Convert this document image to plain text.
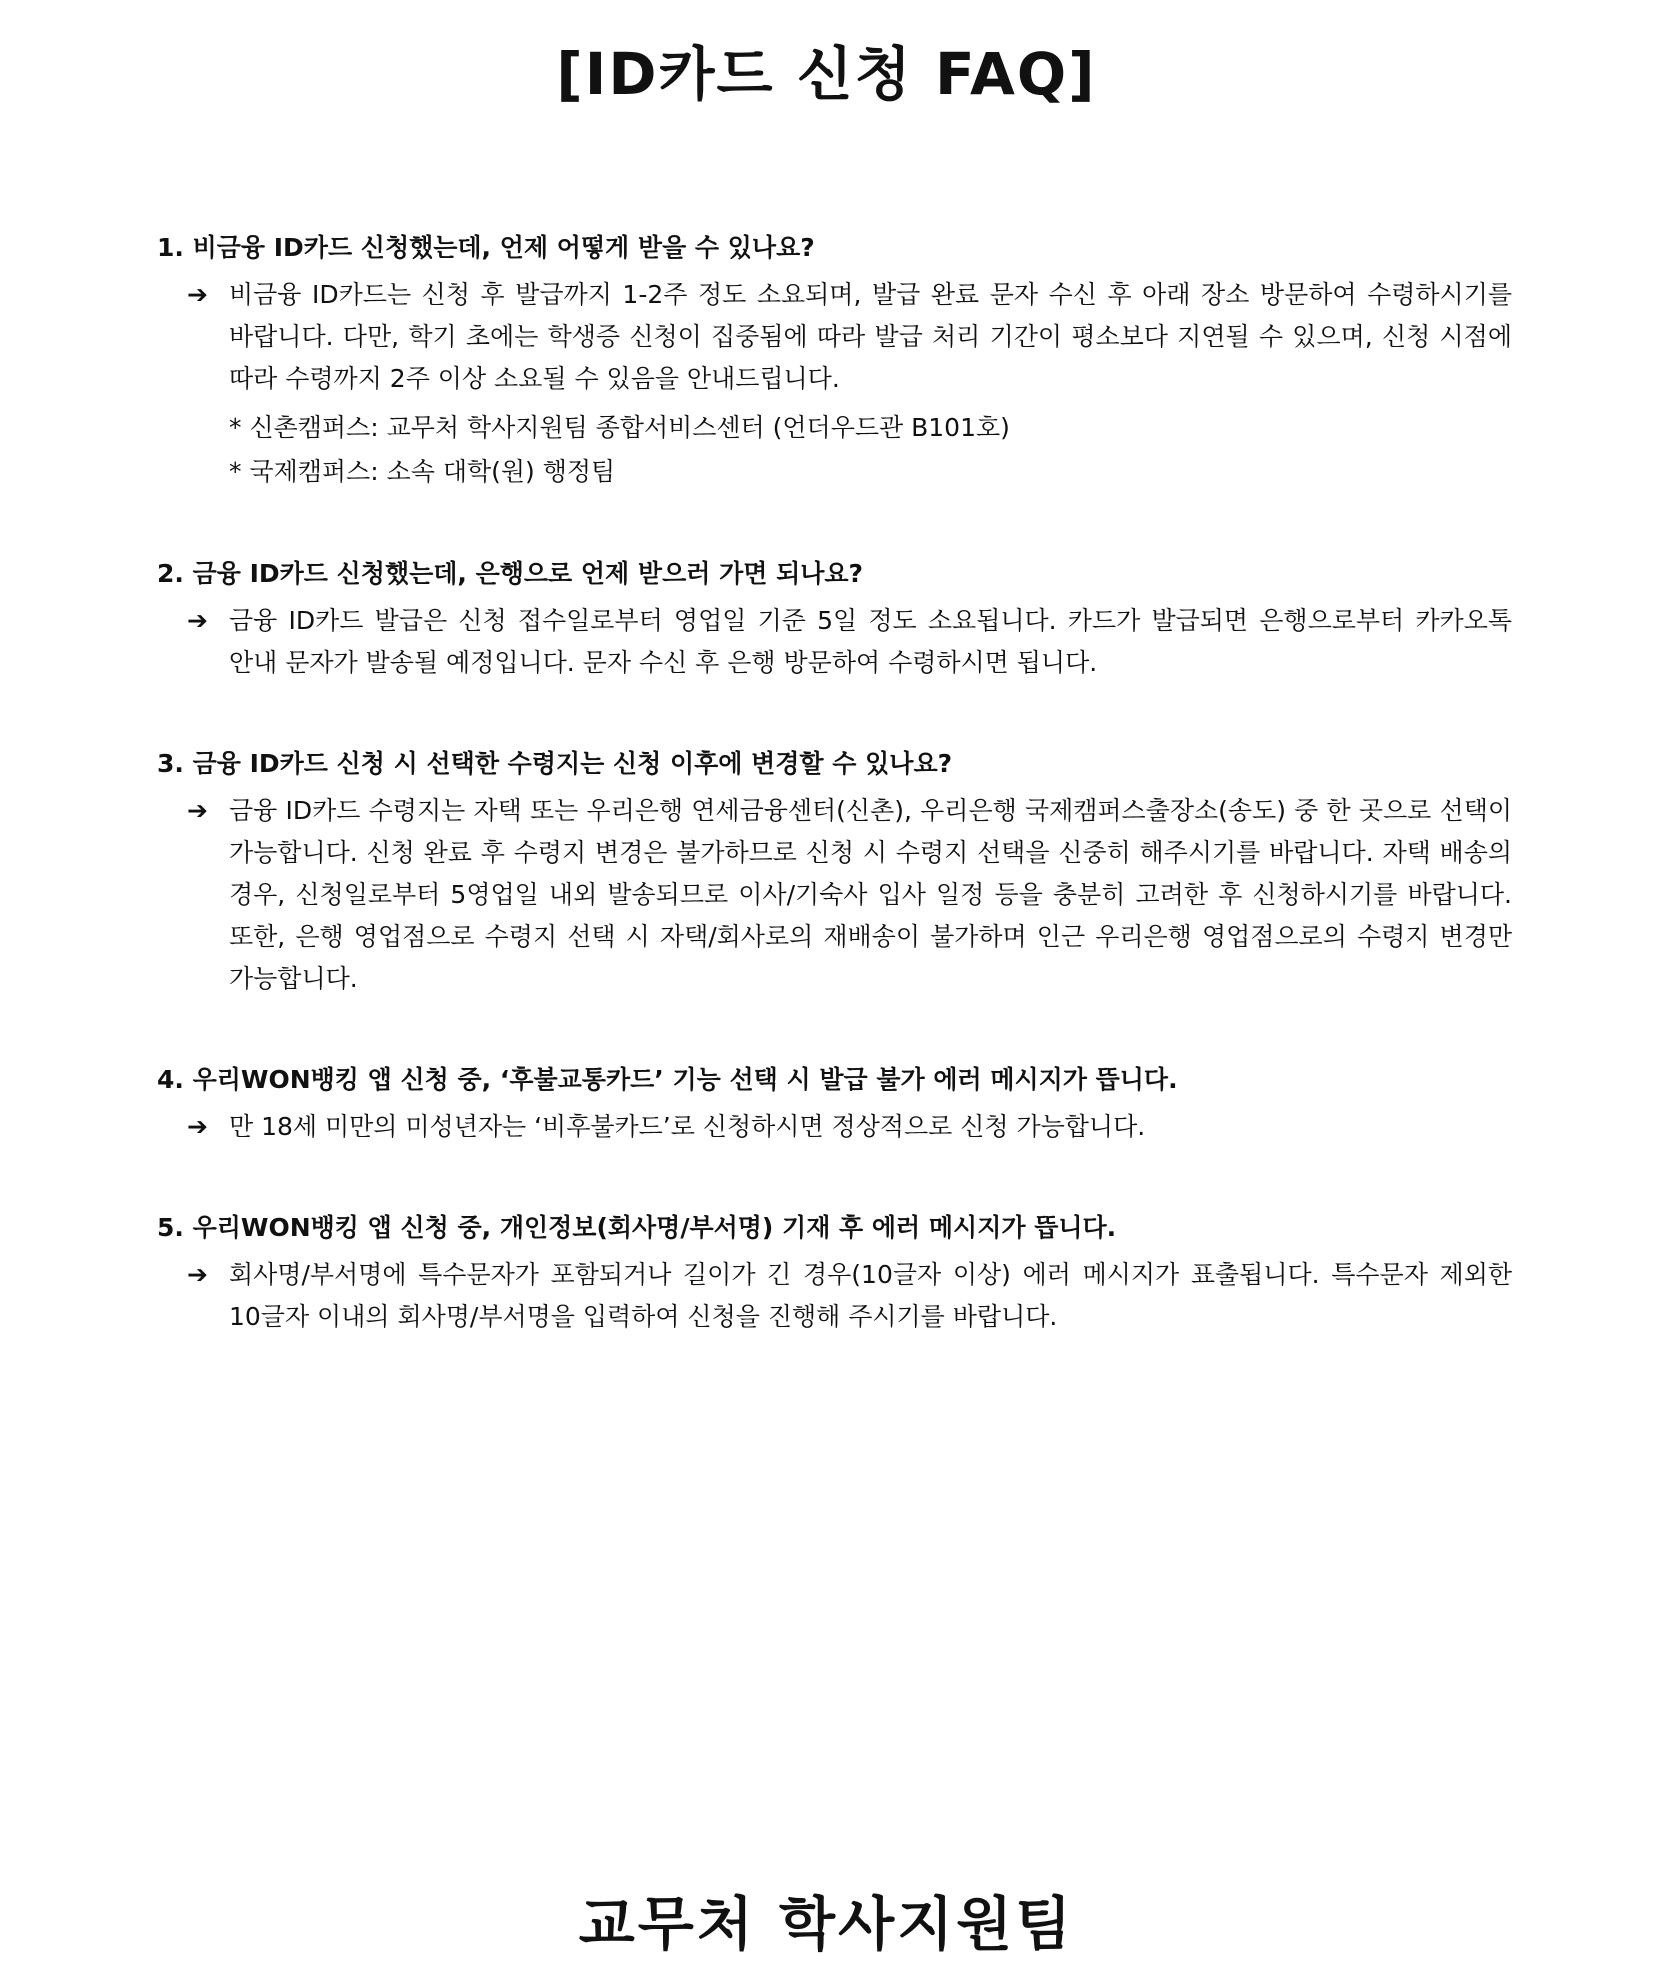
[ID카드 신청 FAQ]

1. 비금융 ID카드 신청했는데, 언제 어떻게 받을 수 있나요?

➔ 비금융 ID카드는 신청 후 발급까지 1-2주 정도 소요되며, 발급 완료 문자 수신 후 아래 장소 방문하여 수령하시기를 바랍니다. 다만, 학기 초에는 학생증 신청이 집중됨에 따라 발급 처리 기간이 평소보다 지연될 수 있으며, 신청 시점에 따라 수령까지 2주 이상 소요될 수 있음을 안내드립니다.

* 신촌캠퍼스: 교무처 학사지원팀 종합서비스센터 (언더우드관 B101호)
* 국제캠퍼스: 소속 대학(원) 행정팀

2. 금융 ID카드 신청했는데, 은행으로 언제 받으러 가면 되나요?

➔ 금융 ID카드 발급은 신청 접수일로부터 영업일 기준 5일 정도 소요됩니다. 카드가 발급되면 은행으로부터 카카오톡 안내 문자가 발송될 예정입니다. 문자 수신 후 은행 방문하여 수령하시면 됩니다.

3. 금융 ID카드 신청 시 선택한 수령지는 신청 이후에 변경할 수 있나요?

➔ 금융 ID카드 수령지는 자택 또는 우리은행 연세금융센터(신촌), 우리은행 국제캠퍼스출장소(송도) 중 한 곳으로 선택이 가능합니다. 신청 완료 후 수령지 변경은 불가하므로 신청 시 수령지 선택을 신중히 해주시기를 바랍니다. 자택 배송의 경우, 신청일로부터 5영업일 내외 발송되므로 이사/기숙사 입사 일정 등을 충분히 고려한 후 신청하시기를 바랍니다. 또한, 은행 영업점으로 수령지 선택 시 자택/회사로의 재배송이 불가하며 인근 우리은행 영업점으로의 수령지 변경만 가능합니다.

4. 우리WON뱅킹 앱 신청 중, ‘후불교통카드’ 기능 선택 시 발급 불가 에러 메시지가 뜹니다.

➔ 만 18세 미만의 미성년자는 ‘비후불카드’로 신청하시면 정상적으로 신청 가능합니다.

5. 우리WON뱅킹 앱 신청 중, 개인정보(회사명/부서명) 기재 후 에러 메시지가 뜹니다.

➔ 회사명/부서명에 특수문자가 포함되거나 길이가 긴 경우(10글자 이상) 에러 메시지가 표출됩니다. 특수문자 제외한 10글자 이내의 회사명/부서명을 입력하여 신청을 진행해 주시기를 바랍니다.

교무처 학사지원팀
